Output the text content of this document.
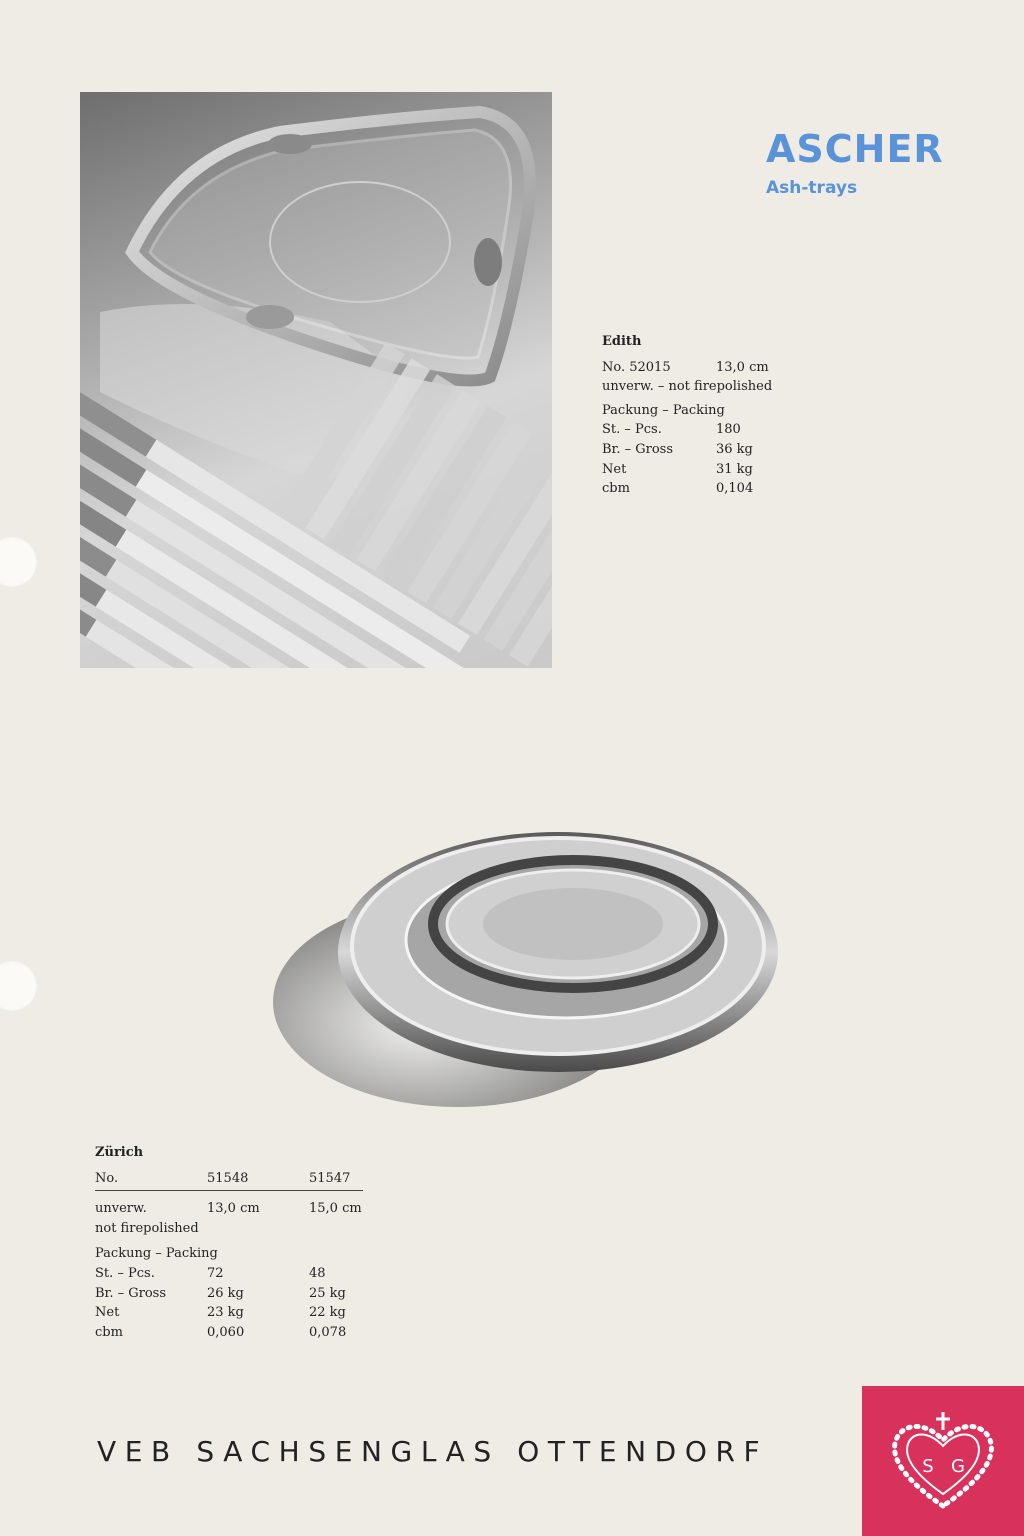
ASCHER
Ash-trays
Edith
No. 52015	13,0 cm
unverw. – not firepolished
Packung – Packing
St. – Pcs.	180
Br. – Gross	36 kg
Net	31 kg
cbm	0,104
Zürich
No.	51548	51547
unverw.	13,0 cm	15,0 cm
not firepolished
Packung – Packing
St. – Pcs.	72	48
Br. – Gross	26 kg	25 kg
Net	23 kg	22 kg
cbm	0,060	0,078
VEB SACHSENGLAS OTTENDORF	S G
